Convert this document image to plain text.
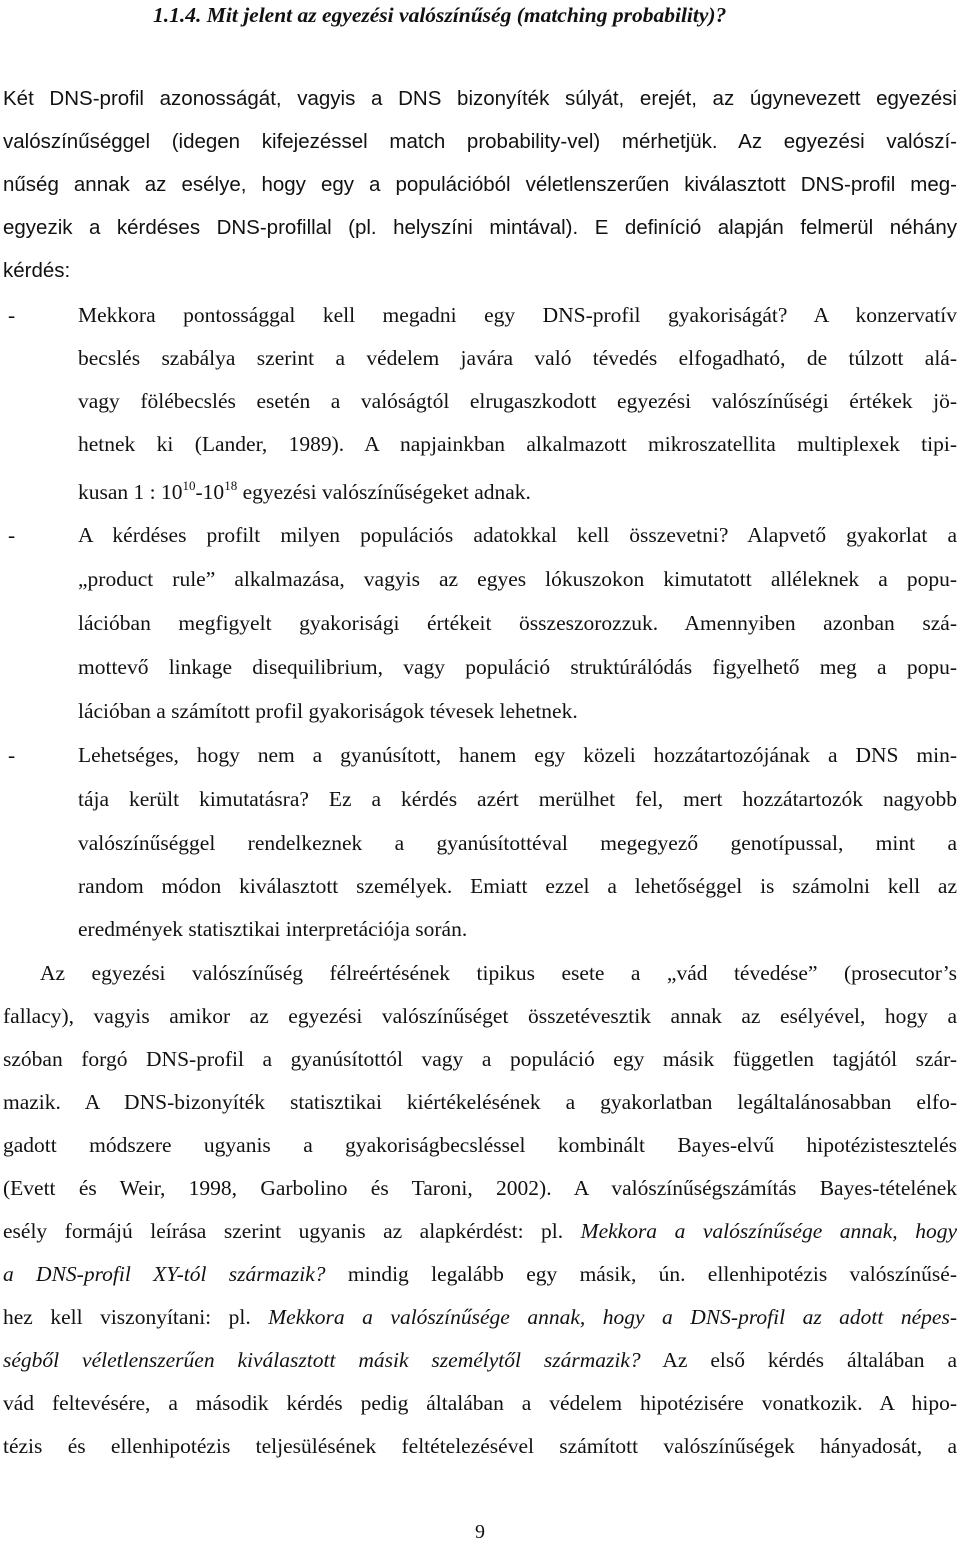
1.1.4. Mit jelent az egyezési valószínűség (matching probability)?
Két DNS-profil azonosságát, vagyis a DNS bizonyíték súlyát, erejét, az úgynevezett egyezési
valószínűséggel (idegen kifejezéssel match probability-vel) mérhetjük. Az egyezési valószí-
nűség annak az esélye, hogy egy a populációból véletlenszerűen kiválasztott DNS-profil meg-
egyezik a kérdéses DNS-profillal (pl. helyszíni mintával). E definíció alapján felmerül néhány
kérdés:
-	Mekkora pontossággal kell megadni egy DNS-profil gyakoriságát? A konzervatív
becslés szabálya szerint a védelem javára való tévedés elfogadható, de túlzott alá-
vagy fölébecslés esetén a valóságtól elrugaszkodott egyezési valószínűségi értékek jö-
hetnek ki (Lander, 1989). A napjainkban alkalmazott mikroszatellita multiplexek tipi-
kusan 1 : $10^{10}-10^{18}$ egyezési valószínűségeket adnak.
-	A kérdéses profilt milyen populációs adatokkal kell összevetni? Alapvető gyakorlat a
„product rule” alkalmazása, vagyis az egyes lókuszokon kimutatott alléleknek a popu-
lációban megfigyelt gyakorisági értékeit összeszorozzuk. Amennyiben azonban szá-
mottevő linkage disequilibrium, vagy populáció struktúrálódás figyelhető meg a popu-
lációban a számított profil gyakoriságok tévesek lehetnek.
-	Lehetséges, hogy nem a gyanúsított, hanem egy közeli hozzátartozójának a DNS min-
tája került kimutatásra? Ez a kérdés azért merülhet fel, mert hozzátartozók nagyobb
valószínűséggel rendelkeznek a gyanúsítottéval megegyező genotípussal, mint a
random módon kiválasztott személyek. Emiatt ezzel a lehetőséggel is számolni kell az
eredmények statisztikai interpretációja során.
Az egyezési valószínűség félreértésének tipikus esete a „vád tévedése” (prosecutor’s
fallacy), vagyis amikor az egyezési valószínűséget összetévesztik annak az esélyével, hogy a
szóban forgó DNS-profil a gyanúsítottól vagy a populáció egy másik független tagjától szár-
mazik. A DNS-bizonyíték statisztikai kiértékelésének a gyakorlatban legáltalánosabban elfo-
gadott módszere ugyanis a gyakoriságbecsléssel kombinált Bayes-elvű hipotézistesztelés
(Evett és Weir, 1998, Garbolino és Taroni, 2002). A valószínűségszámítás Bayes-tételének
esély formájú leírása szerint ugyanis az alapkérdést: pl. Mekkora a valószínűsége annak, hogy
a DNS-profil XY-tól származik? mindig legalább egy másik, ún. ellenhipotézis valószínűsé-
hez kell viszonyítani: pl. Mekkora a valószínűsége annak, hogy a DNS-profil az adott népes-
ségből véletlenszerűen kiválasztott másik személytől származik? Az első kérdés általában a
vád feltevésére, a második kérdés pedig általában a védelem hipotézisére vonatkozik. A hipo-
tézis és ellenhipotézis teljesülésének feltételezésével számított valószínűségek hányadosát, a
9
